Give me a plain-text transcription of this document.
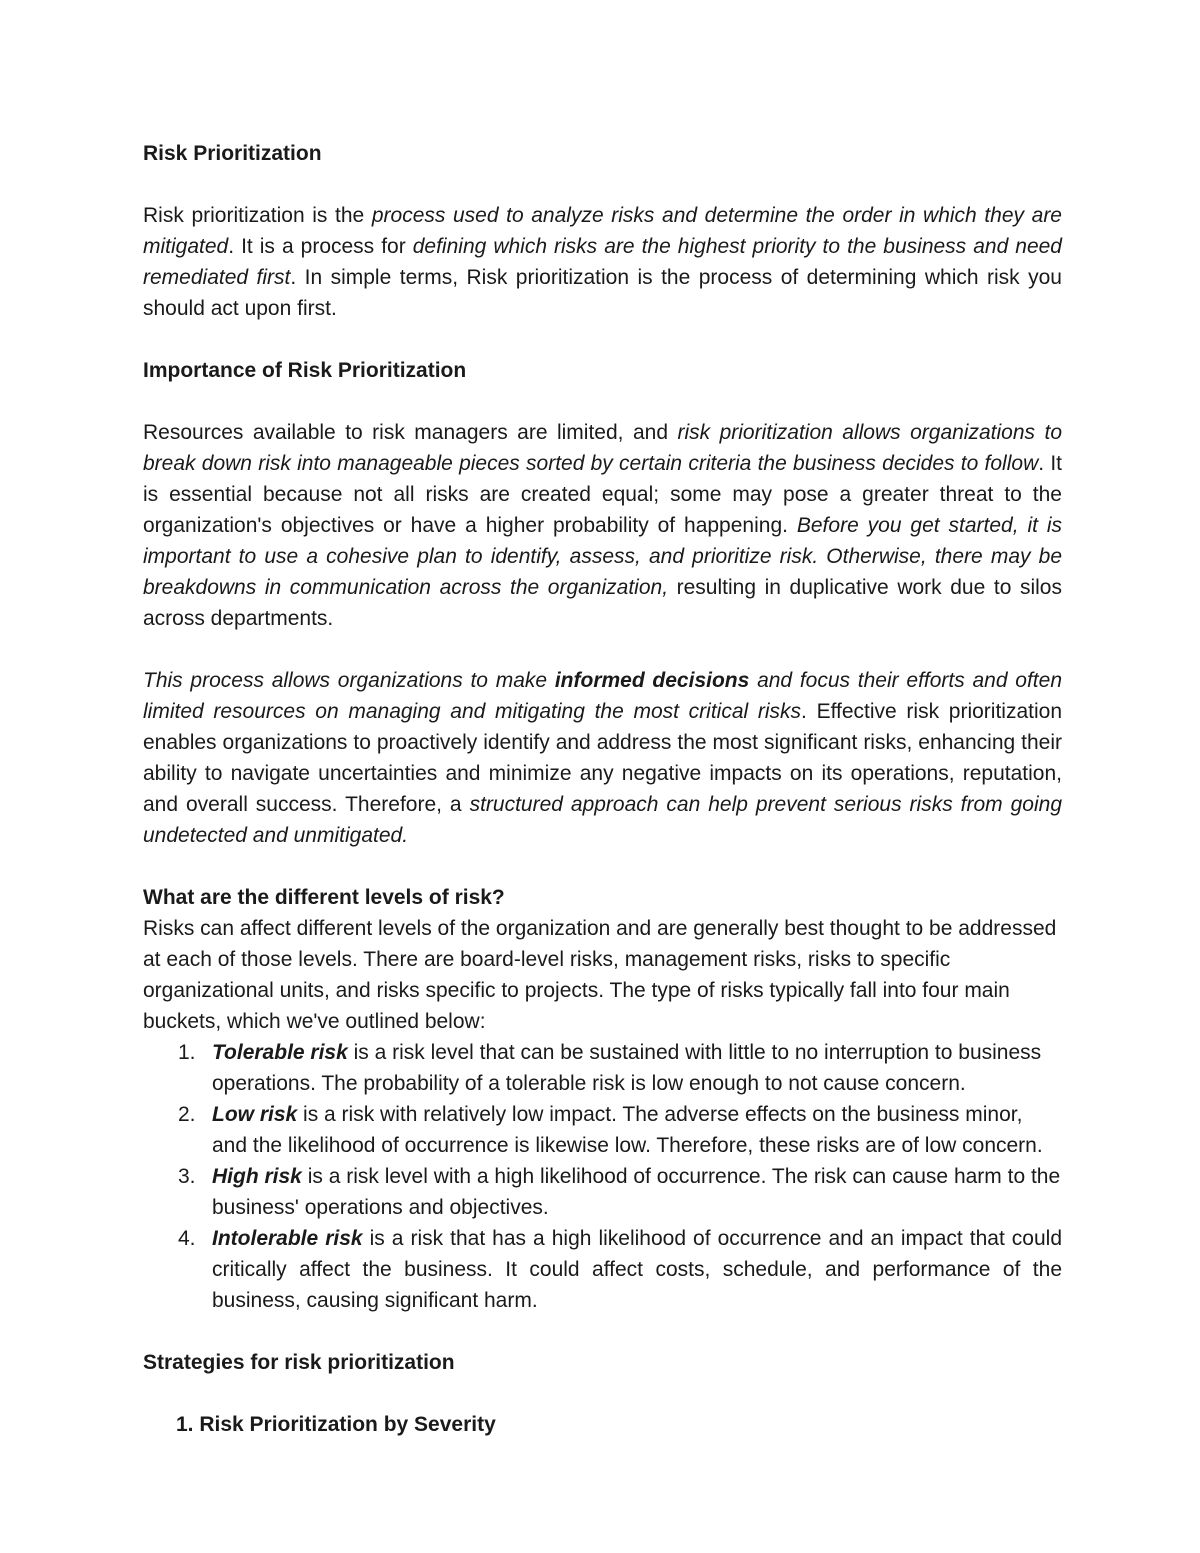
Risk Prioritization

Risk prioritization is the process used to analyze risks and determine the order in which they are mitigated. It is a process for defining which risks are the highest priority to the business and need remediated first. In simple terms, Risk prioritization is the process of determining which risk you should act upon first.

Importance of Risk Prioritization

Resources available to risk managers are limited, and risk prioritization allows organizations to break down risk into manageable pieces sorted by certain criteria the business decides to follow. It is essential because not all risks are created equal; some may pose a greater threat to the organization's objectives or have a higher probability of happening. Before you get started, it is important to use a cohesive plan to identify, assess, and prioritize risk. Otherwise, there may be breakdowns in communication across the organization, resulting in duplicative work due to silos across departments.

This process allows organizations to make informed decisions and focus their efforts and often limited resources on managing and mitigating the most critical risks. Effective risk prioritization enables organizations to proactively identify and address the most significant risks, enhancing their ability to navigate uncertainties and minimize any negative impacts on its operations, reputation, and overall success. Therefore, a structured approach can help prevent serious risks from going undetected and unmitigated.

What are the different levels of risk?

Risks can affect different levels of the organization and are generally best thought to be addressed at each of those levels. There are board-level risks, management risks, risks to specific organizational units, and risks specific to projects. The type of risks typically fall into four main buckets, which we've outlined below:

1. Tolerable risk is a risk level that can be sustained with little to no interruption to business operations. The probability of a tolerable risk is low enough to not cause concern.
2. Low risk is a risk with relatively low impact. The adverse effects on the business minor, and the likelihood of occurrence is likewise low. Therefore, these risks are of low concern.
3. High risk is a risk level with a high likelihood of occurrence. The risk can cause harm to the business' operations and objectives.
4. Intolerable risk is a risk that has a high likelihood of occurrence and an impact that could critically affect the business. It could affect costs, schedule, and performance of the business, causing significant harm.

Strategies for risk prioritization

1. Risk Prioritization by Severity
